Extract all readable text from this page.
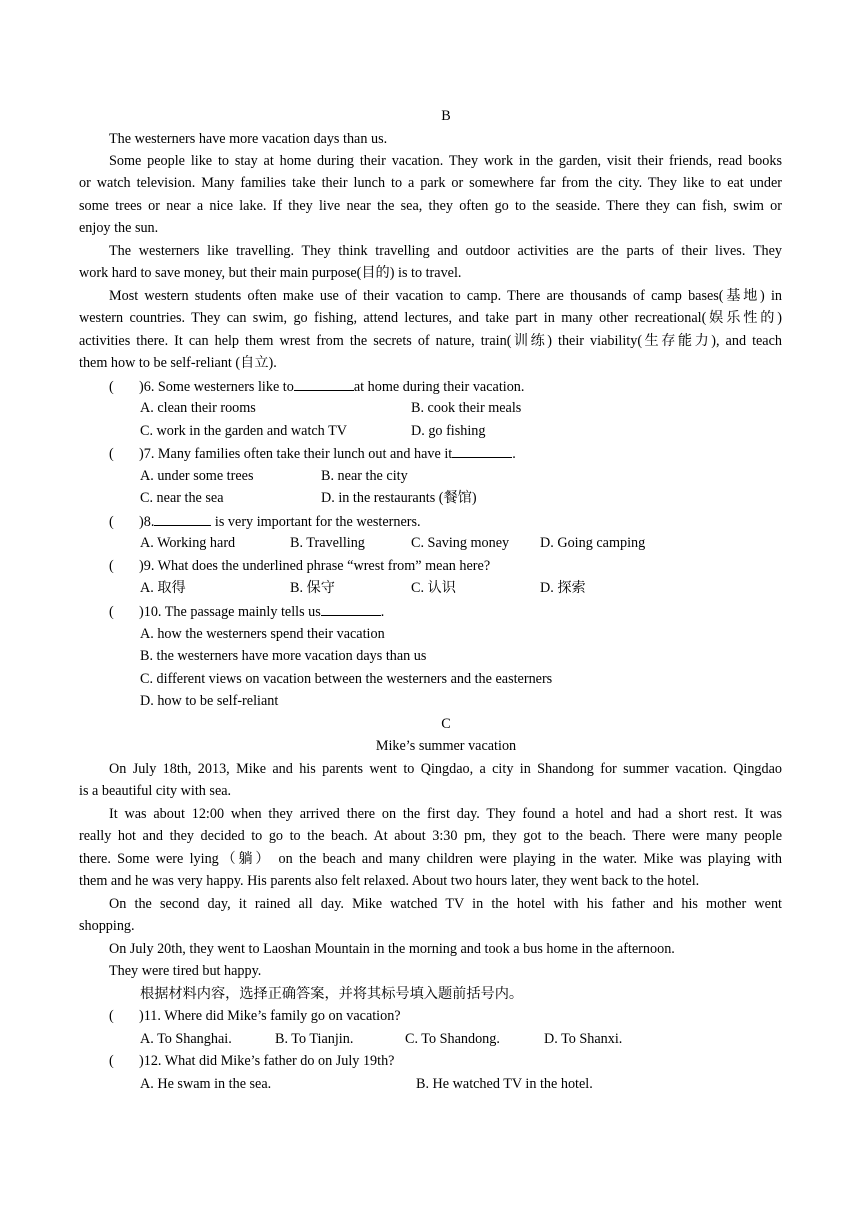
B
The westerners have more vacation days than us.
Some people like to stay at home during their vacation. They work in the garden, visit their friends, read books
or watch television. Many families take their lunch to a park or somewhere far from the city. They like to eat under
some trees or near a nice lake. If they live near the sea, they often go to the seaside. There they can fish, swim or
enjoy the sun.
The westerners like travelling. They think travelling and outdoor activities are the parts of their lives. They
work hard to save money, but their main purpose(目的) is to travel.
Most western students often make use of their vacation to camp. There are thousands of camp bases(基地) in
western countries. They can swim, go fishing, attend lectures, and take part in many other recreational(娱乐性的)
activities there. It can help them wrest from the secrets of nature, train(训练) their viability(生存能力), and teach
them how to be self-reliant (自立).
( )6. Some westerners like to	at home during their vacation.
A. clean their rooms	B. cook their meals
C. work in the garden and watch TV	D. go fishing
( )7. Many families often take their lunch out and have it	.
A. under some trees	B. near the city
C. near the sea	D. in the restaurants (餐馆)
( )8.	is very important for the westerners.
A. Working hard	B. Travelling	C. Saving money D. Going camping
( )9. What does the underlined phrase “wrest from” mean here?
A. 取得	B. 保守	C. 认识	D. 探索
( )10. The passage mainly tells us	.
A. how the westerners spend their vacation
B. the westerners have more vacation days than us
C. different views on vacation between the westerners and the easterners
D. how to be self-reliant
C
Mike’s summer vacation
On July 18th, 2013, Mike and his parents went to Qingdao, a city in Shandong for summer vacation. Qingdao
is a beautiful city with sea.
It was about 12:00 when they arrived there on the first day. They found a hotel and had a short rest. It was
really hot and they decided to go to the beach. At about 3:30 pm, they got to the beach. There were many people
there. Some were lying（躺） on the beach and many children were playing in the water. Mike was playing with
them and he was very happy. His parents also felt relaxed. About two hours later, they went back to the hotel.
On the second day, it rained all day. Mike watched TV in the hotel with his father and his mother went
shopping.
On July 20th, they went to Laoshan Mountain in the morning and took a bus home in the afternoon.
They were tired but happy.
根据材料内容，选择正确答案，并将其标号填入题前括号内。
( )11. Where did Mike’s family go on vacation?
A. To Shanghai.	B. To Tianjin.	C. To Shandong.	D. To Shanxi.
( )12. What did Mike’s father do on July 19th?
A. He swam in the sea.	B. He watched TV in the hotel.
